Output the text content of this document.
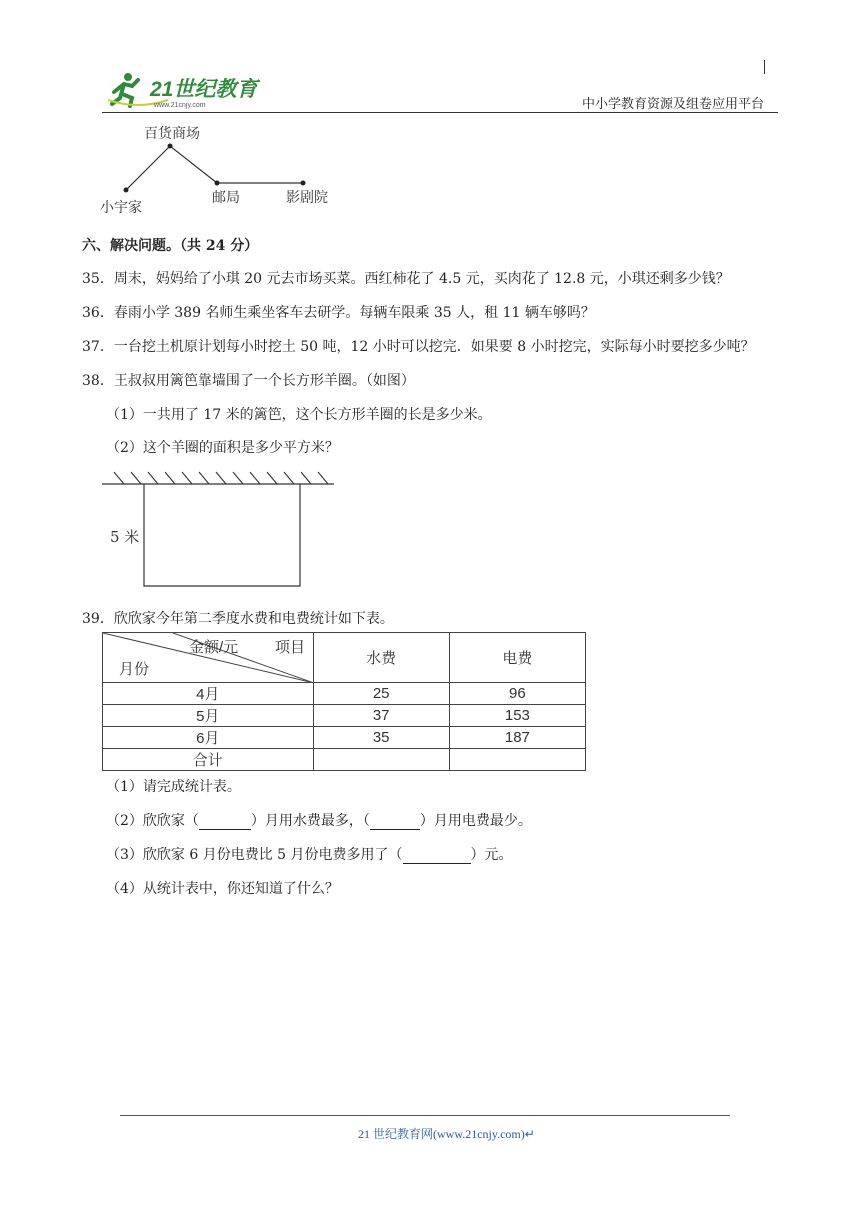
21世纪教育
www.21cnjy.com	中小学教育资源及组卷应用平台
百货商场
小宇家
邮局	影剧院
六、解决问题。（共 24 分）
35．周末，妈妈给了小琪 20 元去市场买菜。西红柿花了 4.5 元，买肉花了 12.8 元，小琪还剩多少钱？
36．春雨小学 389 名师生乘坐客车去研学。每辆车限乘 35 人，租 11 辆车够吗？
37．一台挖土机原计划每小时挖土 50 吨，12 小时可以挖完．如果要 8 小时挖完，实际每小时要挖多少吨？
38．王叔叔用篱笆靠墙围了一个长方形羊圈。（如图）
（1）一共用了 17 米的篱笆，这个长方形羊圈的长是多少米。
（2）这个羊圈的面积是多少平方米？
5 米
39．欣欣家今年第二季度水费和电费统计如下表。
金额/元 项目
月份	水费	电费
4月	25	96
5月	37	153
6月	35	187
合计		
（1）请完成统计表。
（2）欣欣家（	）月用水费最多，（	）月用电费最少。
（3）欣欣家 6 月份电费比 5 月份电费多用了（	）元。
（4）从统计表中，你还知道了什么？
21 世纪教育网(www.21cnjy.com)↵
